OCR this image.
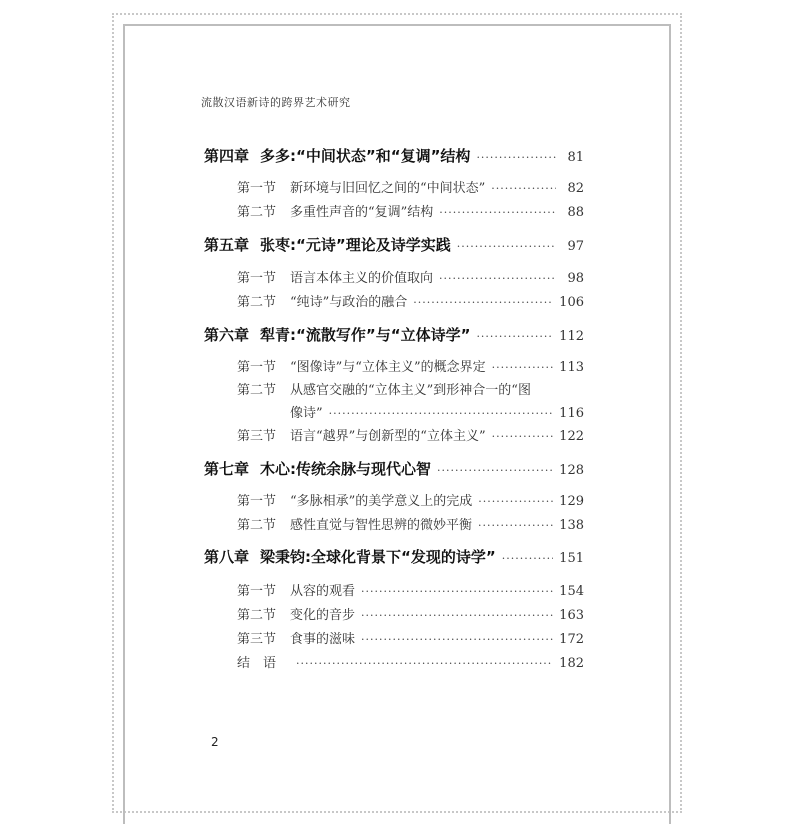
流散汉语新诗的跨界艺术研究
第四章 多多:“中间状态”和“复调”结构 ·····	81
第一节	新环境与旧回忆之间的“中间状态” ·····	82
第二节	多重性声音的“复调”结构 ·····	88
第五章 张枣:“元诗”理论及诗学实践 ·····	97
第一节	语言本体主义的价值取向 ·····	98
第二节	“纯诗”与政治的融合 ·····	106
第六章 犁青:“流散写作”与“立体诗学” ·····	112
第一节	“图像诗”与“立体主义”的概念界定 ·····	113
第二节	从感官交融的“立体主义”到形神合一的“图
像诗” ·····	116
第三节	语言“越界”与创新型的“立体主义” ·····	122
第七章 木心:传统余脉与现代心智 ·····	128
第一节	“多脉相承”的美学意义上的完成 ·····	129
第二节	感性直觉与智性思辨的微妙平衡 ·····	138
第八章 梁秉钧:全球化背景下“发现的诗学” ·····	151
第一节	从容的观看 ·····	154
第二节	变化的音步 ·····	163
第三节	食事的滋味 ·····	172
结　语 ·····	182
2
